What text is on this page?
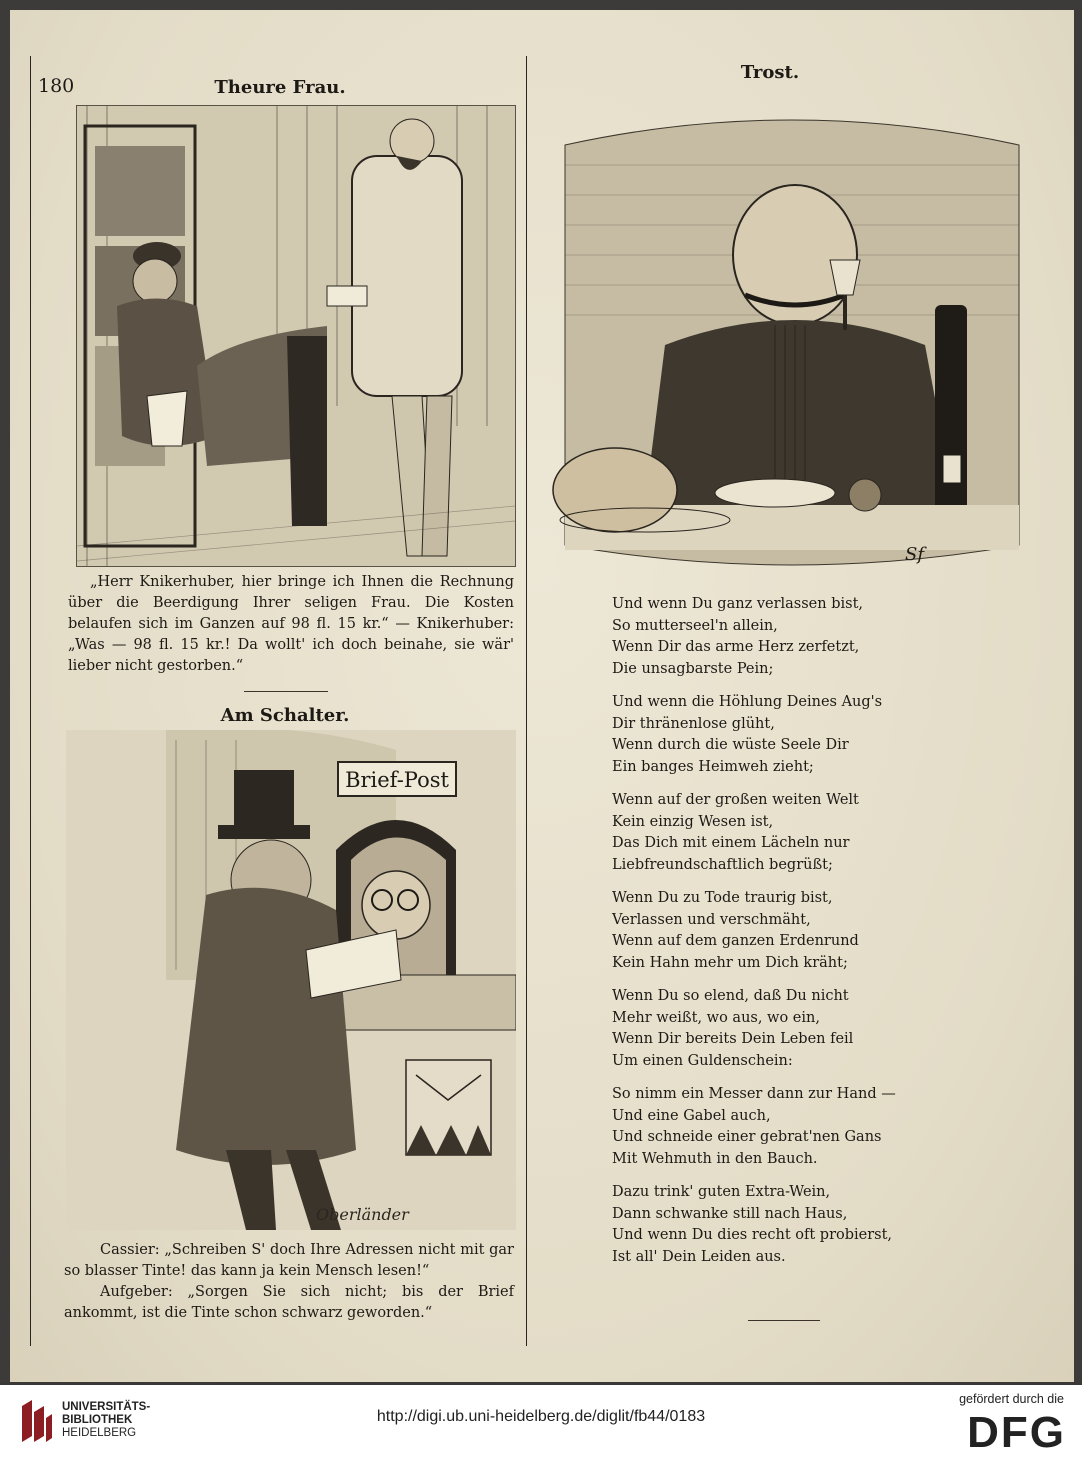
180	Theure Frau.

„Herr Knikerhuber, hier bringe ich Ihnen die Rechnung über die Beerdigung Ihrer seligen Frau. Die Kosten belaufen sich im Ganzen auf 98 fl. 15 kr.“ — Knikerhuber: „Was — 98 fl. 15 kr.! Da wollt' ich doch beinahe, sie wär' lieber nicht gestorben.“

Am Schalter.
Brief-Post
Oberländer

Cassier: „Schreiben S' doch Ihre Adressen nicht mit gar so blasser Tinte! das kann ja kein Mensch lesen!“

Aufgeber: „Sorgen Sie sich nicht; bis der Brief ankommt, ist die Tinte schon schwarz geworden.“

Trost.
Sf
Und wenn Du ganz verlassen bist,
So mutterseel'n allein,
Wenn Dir das arme Herz zerfetzt,
Die unsagbarste Pein;
Und wenn die Höhlung Deines Aug's
Dir thränenlose glüht,
Wenn durch die wüste Seele Dir
Ein banges Heimweh zieht;
Wenn auf der großen weiten Welt
Kein einzig Wesen ist,
Das Dich mit einem Lächeln nur
Liebfreundschaftlich begrüßt;
Wenn Du zu Tode traurig bist,
Verlassen und verschmäht,
Wenn auf dem ganzen Erdenrund
Kein Hahn mehr um Dich kräht;
Wenn Du so elend, daß Du nicht
Mehr weißt, wo aus, wo ein,
Wenn Dir bereits Dein Leben feil
Um einen Guldenschein:
So nimm ein Messer dann zur Hand —
Und eine Gabel auch,
Und schneide einer gebrat'nen Gans
Mit Wehmuth in den Bauch.
Dazu trink' guten Extra-Wein,
Dann schwanke still nach Haus,
Und wenn Du dies recht oft probierst,
Ist all' Dein Leiden aus.
UNIVERSITÄTS-
BIBLIOTHEK
HEIDELBERG
http://digi.ub.uni-heidelberg.de/diglit/fb44/0183
gefördert durch die
DFG
